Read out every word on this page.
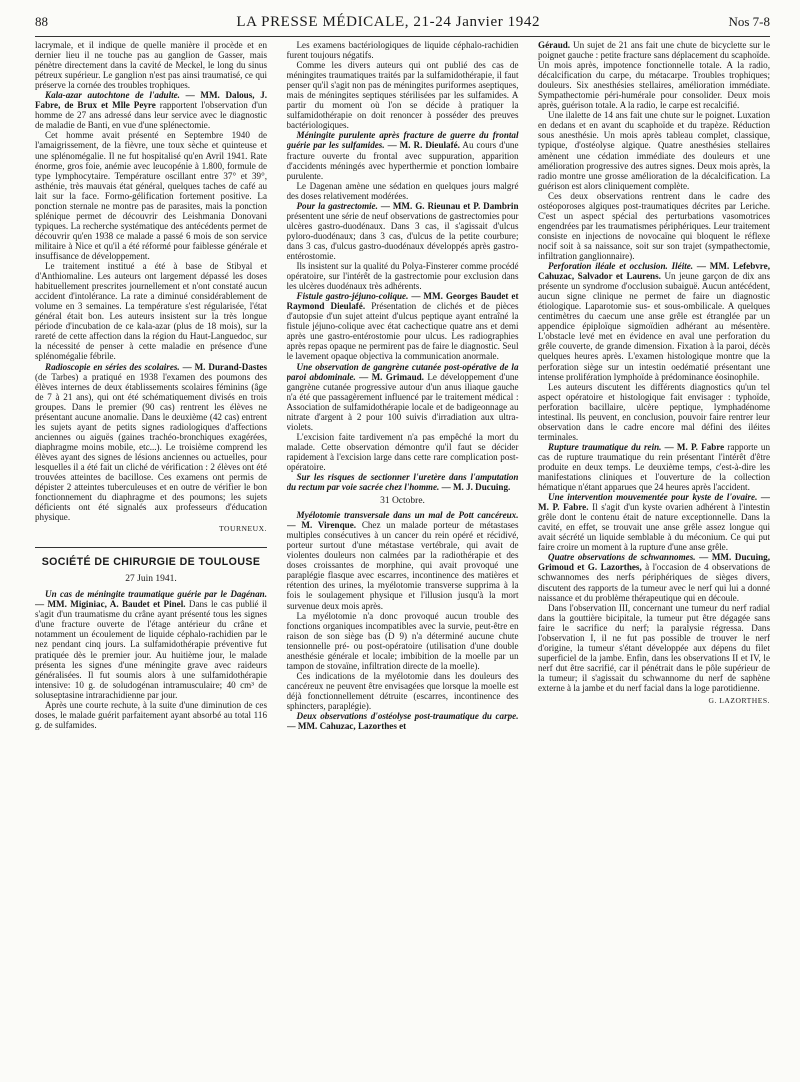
88	LA PRESSE MÉDICALE, 21-24 Janvier 1942	Nos 7-8

lacrymale, et il indique de quelle manière il procède et en dernier lieu il ne touche pas au ganglion de Gasser, mais pénètre directement dans la cavité de Meckel, le long du sinus pétreux supérieur. Le ganglion n'est pas ainsi traumatisé, ce qui préserve la cornée des troubles trophiques.

Kala-azar autochtone de l'adulte. — MM. Dalous, J. Fabre, de Brux et Mlle Peyre rapportent l'observation d'un homme de 27 ans adressé dans leur service avec le diagnostic de maladie de Banti, en vue d'une splénectomie.

Cet homme avait présenté en Septembre 1940 de l'amaigrissement, de la fièvre, une toux sèche et quinteuse et une splénomégalie. Il ne fut hospitalisé qu'en Avril 1941. Rate énorme, gros foie, anémie avec leucopénie à 1.800, formule de type lymphocytaire. Température oscillant entre 37° et 39°, asthénie, très mauvais état général, quelques taches de café au lait sur la face. Formo-gélification fortement positive. La ponction sternale ne montre pas de parasites, mais la ponction splénique permet de découvrir des Leishmania Donovani typiques. La recherche systématique des antécédents permet de découvrir qu'en 1938 ce malade a passé 6 mois de son service militaire à Nice et qu'il a été réformé pour faiblesse générale et insuffisance de développement.

Le traitement institué a été à base de Stibyal et d'Anthiomaline. Les auteurs ont largement dépassé les doses habituellement prescrites journellement et n'ont constaté aucun accident d'intolérance. La rate a diminué considérablement de volume en 3 semaines. La température s'est régularisée, l'état général était bon. Les auteurs insistent sur la très longue période d'incubation de ce kala-azar (plus de 18 mois), sur la rareté de cette affection dans la région du Haut-Languedoc, sur la nécessité de penser à cette maladie en présence d'une splénomégalie fébrile.

Radioscopie en séries des scolaires. — M. Durand-Dastes (de Tarbes) a pratiqué en 1938 l'examen des poumons des élèves internes de deux établissements scolaires féminins (âge de 7 à 21 ans), qui ont été schématiquement divisés en trois groupes. Dans le premier (90 cas) rentrent les élèves ne présentant aucune anomalie. Dans le deuxième (42 cas) entrent les sujets ayant de petits signes radiologiques d'affections anciennes ou aiguës (gaines trachéo-bronchiques exagérées, diaphragme moins mobile, etc...). Le troisième comprend les élèves ayant des signes de lésions anciennes ou actuelles, pour lesquelles il a été fait un cliché de vérification : 2 élèves ont été trouvées atteintes de bacillose. Ces examens ont permis de dépister 2 atteintes tuberculeuses et en outre de vérifier le bon fonctionnement du diaphragme et des poumons; les sujets déficients ont été signalés aux professeurs d'éducation physique.

TOURNEUX.
SOCIÉTÉ DE CHIRURGIE DE TOULOUSE
27 Juin 1941.

Un cas de méningite traumatique guérie par le Dagénan. — MM. Miginiac, A. Baudet et Pinel. Dans le cas publié il s'agit d'un traumatisme du crâne ayant présenté tous les signes d'une fracture ouverte de l'étage antérieur du crâne et notamment un écoulement de liquide céphalo-rachidien par le nez pendant cinq jours. La sulfamidothérapie préventive fut pratiquée dès le premier jour. Au huitième jour, le malade présenta les signes d'une méningite grave avec raideurs généralisées. Il fut soumis alors à une sulfamidothérapie intensive: 10 g. de soludogénan intramusculaire; 40 cm³ de soluseptasine intrarachidienne par jour.

Après une courte rechute, à la suite d'une diminution de ces doses, le malade guérit parfaitement ayant absorbé au total 116 g. de sulfamides.

Les examens bactériologiques de liquide céphalo-rachidien furent toujours négatifs.

Comme les divers auteurs qui ont publié des cas de méningites traumatiques traités par la sulfamidothérapie, il faut penser qu'il s'agit non pas de méningites puriformes aseptiques, mais de méningites septiques stérilisées par les sulfamides. A partir du moment où l'on se décide à pratiquer la sulfamidothérapie on doit renoncer à posséder des preuves bactériologiques.

Méningite purulente après fracture de guerre du frontal guérie par les sulfamides. — M. R. Dieulafé. Au cours d'une fracture ouverte du frontal avec suppuration, apparition d'accidents méningés avec hyperthermie et ponction lombaire purulente.

Le Dagenan amène une sédation en quelques jours malgré des doses relativement modérées.

Pour la gastrectomie. — MM. G. Rieunau et P. Dambrin présentent une série de neuf observations de gastrectomies pour ulcères gastro-duodénaux. Dans 3 cas, il s'agissait d'ulcus pyloro-duodénaux; dans 3 cas, d'ulcus de la petite courbure; dans 3 cas, d'ulcus gastro-duodénaux développés après gastro-entérostomie.

Ils insistent sur la qualité du Polya-Finsterer comme procédé opératoire, sur l'intérêt de la gastrectomie pour exclusion dans les ulcères duodénaux très adhérents.

Fistule gastro-jéjuno-colique. — MM. Georges Baudet et Raymond Dieulafé. Présentation de clichés et de pièces d'autopsie d'un sujet atteint d'ulcus peptique ayant entraîné la fistule jéjuno-colique avec état cachectique quatre ans et demi après une gastro-entérostomie pour ulcus. Les radiographies après repas opaque ne permirent pas de faire le diagnostic. Seul le lavement opaque objectiva la communication anormale.

Une observation de gangrène cutanée post-opérative de la paroi abdominale. — M. Grimaud. Le développement d'une gangrène cutanée progressive autour d'un anus iliaque gauche n'a été que passagèrement influencé par le traitement médical : Association de sulfamidothérapie locale et de badigeonnage au nitrate d'argent à 2 pour 100 suivis d'irradiation aux ultra-violets.

L'excision faite tardivement n'a pas empêché la mort du malade. Cette observation démontre qu'il faut se décider rapidement à l'excision large dans cette rare complication post-opératoire.

Sur les risques de sectionner l'uretère dans l'amputation du rectum par voie sacrée chez l'homme. — M. J. Ducuing.

31 Octobre.

Myélotomie transversale dans un mal de Pott cancéreux. — M. Virenque. Chez un malade porteur de métastases multiples consécutives à un cancer du rein opéré et récidivé, porteur surtout d'une métastase vertébrale, qui avait de violentes douleurs non calmées par la radiothérapie et des doses croissantes de morphine, qui avait provoqué une paraplégie flasque avec escarres, incontinence des matières et rétention des urines, la myélotomie transverse supprima à la fois le soulagement physique et l'illusion jusqu'à la mort survenue deux mois après.

La myélotomie n'a donc provoqué aucun trouble des fonctions organiques incompatibles avec la survie, peut-être en raison de son siège bas (D 9) n'a déterminé aucune chute tensionnelle pré- ou post-opératoire (utilisation d'une double anesthésie générale et locale; imbibition de la moelle par un tampon de stovaïne, infiltration directe de la moelle).

Ces indications de la myélotomie dans les douleurs des cancéreux ne peuvent être envisagées que lorsque la moelle est déjà fonctionnellement détruite (escarres, incontinence des sphincters, paraplégie).

Deux observations d'ostéolyse post-traumatique du carpe. — MM. Cahuzac, Lazorthes et

Géraud. Un sujet de 21 ans fait une chute de bicyclette sur le poignet gauche : petite fracture sans déplacement du scaphoïde. Un mois après, impotence fonctionnelle totale. A la radio, décalcification du carpe, du métacarpe. Troubles trophiques; douleurs. Six anesthésies stellaires, amélioration immédiate. Sympathectomie péri-humérale pour consolider. Deux mois après, guérison totale. A la radio, le carpe est recalcifié.

Une ilalette de 14 ans fait une chute sur le poignet. Luxation en dedans et en avant du scaphoïde et du trapèze. Réduction sous anesthésie. Un mois après tableau complet, classique, typique, d'ostéolyse algique. Quatre anesthésies stellaires amènent une cédation immédiate des douleurs et une amélioration progressive des autres signes. Deux mois après, la radio montre une grosse amélioration de la décalcification. La guérison est alors cliniquement complète.

Ces deux observations rentrent dans le cadre des ostéoporoses algiques post-traumatiques décrites par Leriche. C'est un aspect spécial des perturbations vasomotrices engendrées par les traumatismes périphériques. Leur traitement consiste en injections de novocaïne qui bloquent le réflexe nocif soit à sa naissance, soit sur son trajet (sympathectomie, infiltration ganglionnaire).

Perforation iléale et occlusion. Iléite. — MM. Lefebvre, Cahuzac, Salvador et Laurens. Un jeune garçon de dix ans présente un syndrome d'occlusion subaiguë. Aucun antécédent, aucun signe clinique ne permet de faire un diagnostic étiologique. Laparotomie sus- et sous-ombilicale. A quelques centimètres du caecum une anse grêle est étranglée par un appendice épiploïque sigmoïdien adhérant au mésentère. L'obstacle levé met en évidence en aval une perforation du grêle couverte, de grande dimension. Fixation à la paroi, décès quelques heures après. L'examen histologique montre que la perforation siège sur un intestin oedématié présentant une intense prolifération lymphoïde à prédominance éosinophile.

Les auteurs discutent les différents diagnostics qu'un tel aspect opératoire et histologique fait envisager : typhoïde, perforation bacillaire, ulcère peptique, lymphadénome intestinal. Ils peuvent, en conclusion, pouvoir faire rentrer leur observation dans le cadre encore mal défini des iléites terminales.

Rupture traumatique du rein. — M. P. Fabre rapporte un cas de rupture traumatique du rein présentant l'intérêt d'être produite en deux temps. Le deuxième temps, c'est-à-dire les manifestations cliniques et l'ouverture de la collection hématique n'étant apparues que 24 heures après l'accident.

Une intervention mouvementée pour kyste de l'ovaire. — M. P. Fabre. Il s'agit d'un kyste ovarien adhérent à l'intestin grêle dont le contenu était de nature exceptionnelle. Dans la cavité, en effet, se trouvait une anse grêle assez longue qui avait sécrété un liquide semblable à du méconium. Ce qui put faire croire un moment à la rupture d'une anse grêle.

Quatre observations de schwannomes. — MM. Ducuing, Grimoud et G. Lazorthes, à l'occasion de 4 observations de schwannomes des nerfs périphériques de sièges divers, discutent des rapports de la tumeur avec le nerf qui lui a donné naissance et du problème thérapeutique qui en découle.

Dans l'observation III, concernant une tumeur du nerf radial dans la gouttière bicipitale, la tumeur put être dégagée sans faire le sacrifice du nerf; la paralysie régressa. Dans l'observation I, il ne fut pas possible de trouver le nerf d'origine, la tumeur s'étant développée aux dépens du filet superficiel de la jambe. Enfin, dans les observations II et IV, le nerf dut être sacrifié, car il pénétrait dans le pôle supérieur de la tumeur; il s'agissait du schwannome du nerf de saphène externe à la jambe et du nerf facial dans la loge parotidienne.

G. LAZORTHES.
